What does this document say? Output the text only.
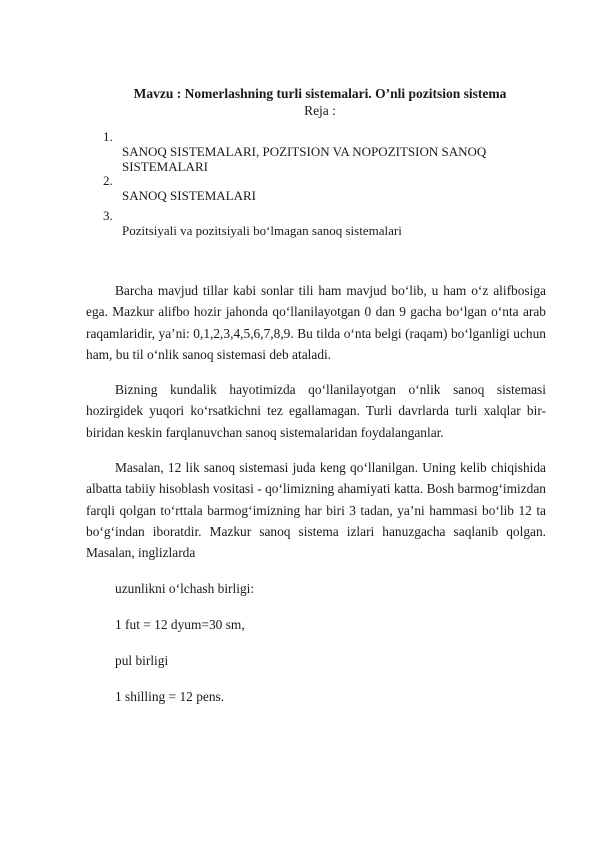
Mavzu : Nomerlashning turli sistemalari. O’nli pozitsion sistema
Reja :
1.
SANOQ SISTEMALARI, POZITSION VA NOPOZITSION SANOQ SISTEMALARI
2.
SANOQ SISTEMALARI
3.
Pozitsiyali va pozitsiyali bo‘lmagan sanoq sistemalari

Barcha mavjud tillar kabi sonlar tili ham mavjud bo‘lib, u ham o‘z alifbosiga ega. Mazkur alifbo hozir jahonda qo‘llanilayotgan 0 dan 9 gacha bo‘lgan o‘nta arab raqamlaridir, ya’ni: 0,1,2,3,4,5,6,7,8,9. Bu tilda o‘nta belgi (raqam) bo‘lganligi uchun ham, bu til o‘nlik sanoq sistemasi deb ataladi.

Bizning kundalik hayotimizda qo‘llanilayotgan o‘nlik sanoq sistemasi hozirgidek yuqori ko‘rsatkichni tez egallamagan. Turli davrlarda turli xalqlar bir-biridan keskin farqlanuvchan sanoq sistemalaridan foydalanganlar.

Masalan, 12 lik sanoq sistemasi juda keng qo‘llanilgan. Uning kelib chiqishida albatta tabiiy hisoblash vositasi - qo‘limizning ahamiyati katta. Bosh barmog‘imizdan farqli qolgan to‘rttala barmog‘imizning har biri 3 tadan, ya’ni hammasi bo‘lib 12 ta bo‘g‘indan iboratdir. Mazkur sanoq sistema izlari hanuzgacha saqlanib qolgan. Masalan, inglizlarda

uzunlikni o‘lchash birligi:

1 fut = 12 dyum=30 sm,

pul birligi

1 shilling = 12 pens.
